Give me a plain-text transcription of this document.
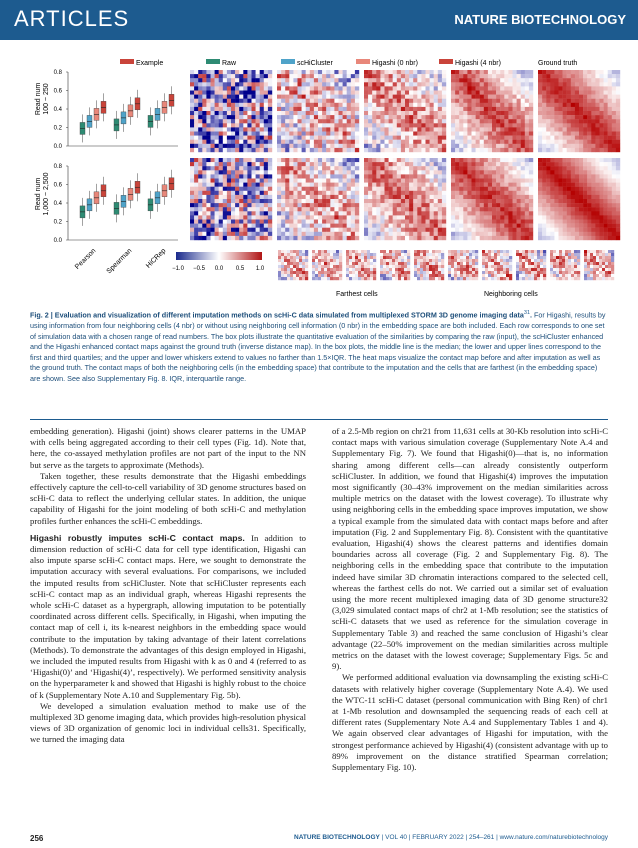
ARTICLES	NATURE BIOTECHNOLOGY
Example	Raw	scHiCluster	Higashi (0 nbr)	Higashi (4 nbr)	Ground truth
Read num 100 ~ 250
Read num 1,000 ~ 2,500
0.8
0.6
0.4
0.2
0.0
0.8
0.6
0.4
0.2
0.0
Pearson Spearman HiCRep −1.0 −0.5 0.0 0.5 1.0
Farthest cells	Neighboring cells
Fig. 2 | Evaluation and visualization of different imputation methods on scHi-C data simulated from multiplexed STORM 3D genome imaging data$^{31}$. For Higashi, results by using information from four neighboring cells (4 nbr) or without using neighboring cell information (0 nbr) in the embedding space are both included. Each row corresponds to one set of simulation data with a chosen range of read numbers. The box plots illustrate the quantitative evaluation of the similarities by comparing the raw (input), the scHiCluster enhanced and the Higashi enhanced contact maps against the ground truth (inverse distance map). In the box plots, the middle line is the median; the lower and upper lines correspond to the first and third quartiles; and the upper and lower whiskers extend to values no farther than 1.5×IQR. The heat maps visualize the contact map before and after imputation as well as the ground truth. The contact maps of both the neighboring cells (in the embedding space) that contribute to the imputation and the cells that are farthest (in the embedding space) are shown. See also Supplementary Fig. 8. IQR, interquartile range.

embedding generation). Higashi (joint) shows clearer patterns in the UMAP with cells being aggregated according to their cell types (Fig. 1d). Note that, here, the co-assayed methylation profiles are not part of the input to the NN but serve as the targets to approximate (Methods).

Taken together, these results demonstrate that the Higashi embeddings effectively capture the cell-to-cell variability of 3D genome structures based on scHi-C data to reflect the underlying cellular states. In addition, the unique capability of Higashi for the joint modeling of both scHi-C and methylation profiles further enhances the scHi-C embeddings.

Higashi robustly imputes scHi-C contact maps. In addition to dimension reduction of scHi-C data for cell type identification, Higashi can also impute sparse scHi-C contact maps. Here, we sought to demonstrate the imputation accuracy with several evaluations. For comparisons, we included the imputed results from scHiCluster. Note that scHiCluster represents each scHi-C contact map as an individual graph, whereas Higashi represents the whole scHi-C dataset as a hypergraph, allowing imputation to be potentially coordinated across different cells. Specifically, in Higashi, when imputing the contact map of cell i, its k-nearest neighbors in the embedding space would contribute to the imputation by taking advantage of their latent correlations (Methods). To demonstrate the advantages of this design employed in Higashi, we included the imputed results from Higashi with k as 0 and 4 (referred to as ‘Higashi(0)’ and ‘Higashi(4)’, respectively). We performed sensitivity analysis on the hyperparameter k and showed that Higashi is highly robust to the choice of k (Supplementary Note A.10 and Supplementary Fig. 5b).

We developed a simulation evaluation method to make use of the multiplexed 3D genome imaging data, which provides high-resolution physical views of 3D organization of genomic loci in individual cells31. Specifically, we turned the imaging data

of a 2.5-Mb region on chr21 from 11,631 cells at 30-Kb resolution into scHi-C contact maps with various simulation coverage (Supplementary Note A.4 and Supplementary Fig. 7). We found that Higashi(0)—that is, no information sharing among different cells—can already consistently outperform scHiCluster. In addition, we found that Higashi(4) improves the imputation most significantly (30–43% improvement on the median similarities across multiple metrics on the dataset with the lowest coverage). To illustrate why using neighboring cells in the embedding space improves imputation, we show a typical example from the simulated data with contact maps before and after imputation (Fig. 2 and Supplementary Fig. 8). Consistent with the quantitative evaluation, Higashi(4) shows the clearest patterns and identifies domain boundaries across all coverage (Fig. 2 and Supplementary Fig. 8). The neighboring cells in the embedding space that contribute to the imputation indeed have similar 3D chromatin interactions compared to the selected cell, whereas the farthest cells do not. We carried out a similar set of evaluation using the more recent multiplexed imaging data of 3D genome structure32 (3,029 simulated contact maps of chr2 at 1-Mb resolution; see the statistics of scHi-C datasets that we used as reference for the simulation coverage in Supplementary Table 3) and reached the same conclusion of Higashi’s clear advantage (22–50% improvement on the median similarities across multiple metrics on the dataset with the lowest coverage; Supplementary Figs. 5c and 9).

We performed additional evaluation via downsampling the existing scHi-C datasets with relatively higher coverage (Supplementary Note A.4). We used the WTC-11 scHi-C dataset (personal communication with Bing Ren) of chr1 at 1-Mb resolution and downsampled the sequencing reads of each cell at different rates (Supplementary Note A.4 and Supplementary Tables 1 and 4). We again observed clear advantages of Higashi for imputation, with the strongest performance achieved by Higashi(4) (consistent advantage with up to 89% improvement on the distance stratified Spearman correlation; Supplementary Fig. 10).

256	NATURE BIOTECHNOLOGY | VOL 40 | FEBRUARY 2022 | 254–261 | www.nature.com/naturebiotechnology
